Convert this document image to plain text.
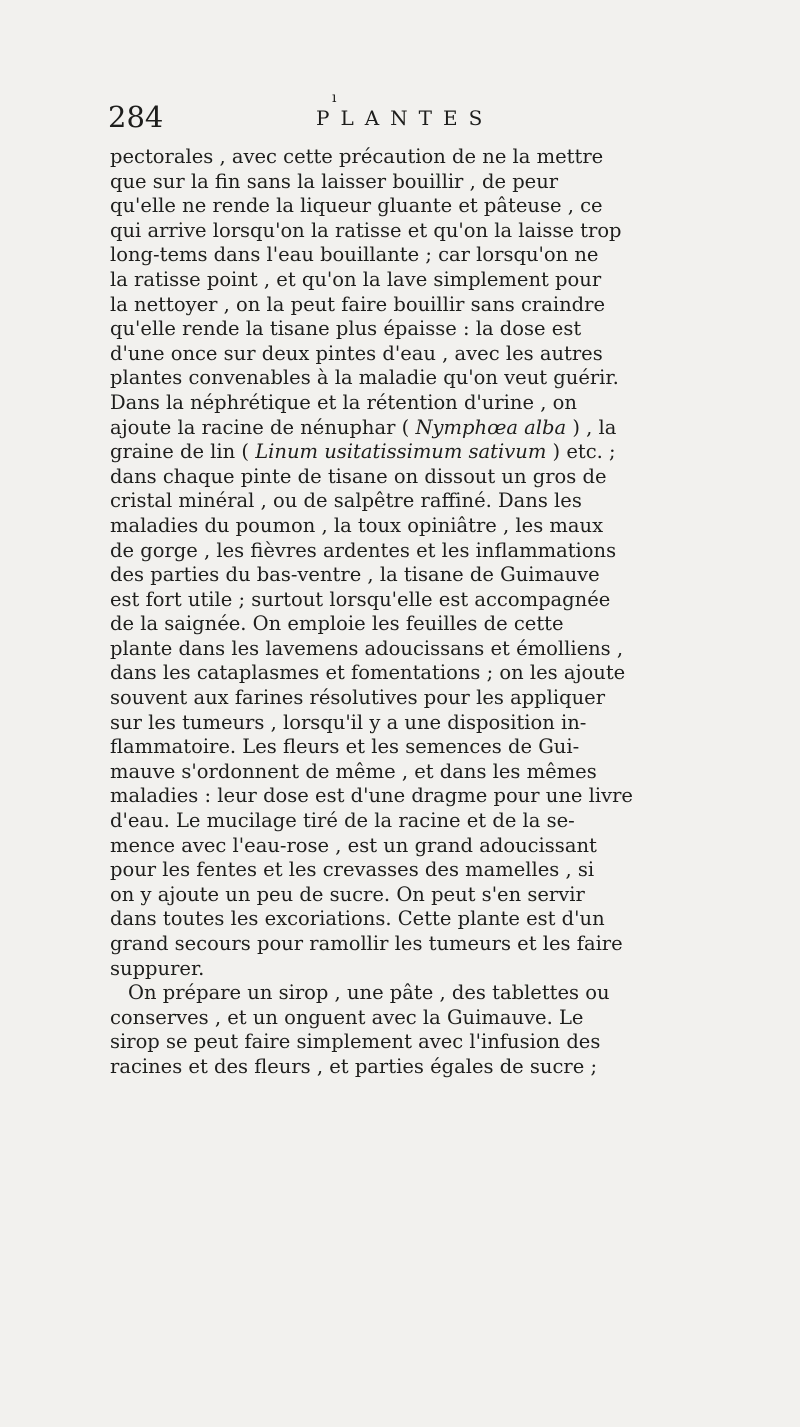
ı
284	PLANTES
pectorales , avec cette précaution de ne la mettre
que sur la fin sans la laisser bouillir , de peur
qu'elle ne rende la liqueur gluante et pâteuse , ce
qui arrive lorsqu'on la ratisse et qu'on la laisse trop
long-tems dans l'eau bouillante ; car lorsqu'on ne
la ratisse point , et qu'on la lave simplement pour
la nettoyer , on la peut faire bouillir sans craindre
qu'elle rende la tisane plus épaisse : la dose est
d'une once sur deux pintes d'eau , avec les autres
plantes convenables à la maladie qu'on veut guérir.
Dans la néphrétique et la rétention d'urine , on
ajoute la racine de nénuphar ( Nymphœa alba ) , la
graine de lin ( Linum usitatissimum sativum ) etc. ;
dans chaque pinte de tisane on dissout un gros de
cristal minéral , ou de salpêtre raffiné. Dans les
maladies du poumon , la toux opiniâtre , les maux
de gorge , les fièvres ardentes et les inflammations
des parties du bas-ventre , la tisane de Guimauve
est fort utile ; surtout lorsqu'elle est accompagnée
de la saignée. On emploie les feuilles de cette
plante dans les lavemens adoucissans et émolliens ,
dans les cataplasmes et fomentations ; on les ajoute
souvent aux farines résolutives pour les appliquer
sur les tumeurs , lorsqu'il y a une disposition in-
flammatoire. Les fleurs et les semences de Gui-
mauve s'ordonnent de même , et dans les mêmes
maladies : leur dose est d'une dragme pour une livre
d'eau. Le mucilage tiré de la racine et de la se-
mence avec l'eau-rose , est un grand adoucissant
pour les fentes et les crevasses des mamelles , si
on y ajoute un peu de sucre. On peut s'en servir
dans toutes les excoriations. Cette plante est d'un
grand secours pour ramollir les tumeurs et les faire
suppurer.
On prépare un sirop , une pâte , des tablettes ou
conserves , et un onguent avec la Guimauve. Le
sirop se peut faire simplement avec l'infusion des
racines et des fleurs , et parties égales de sucre ;
